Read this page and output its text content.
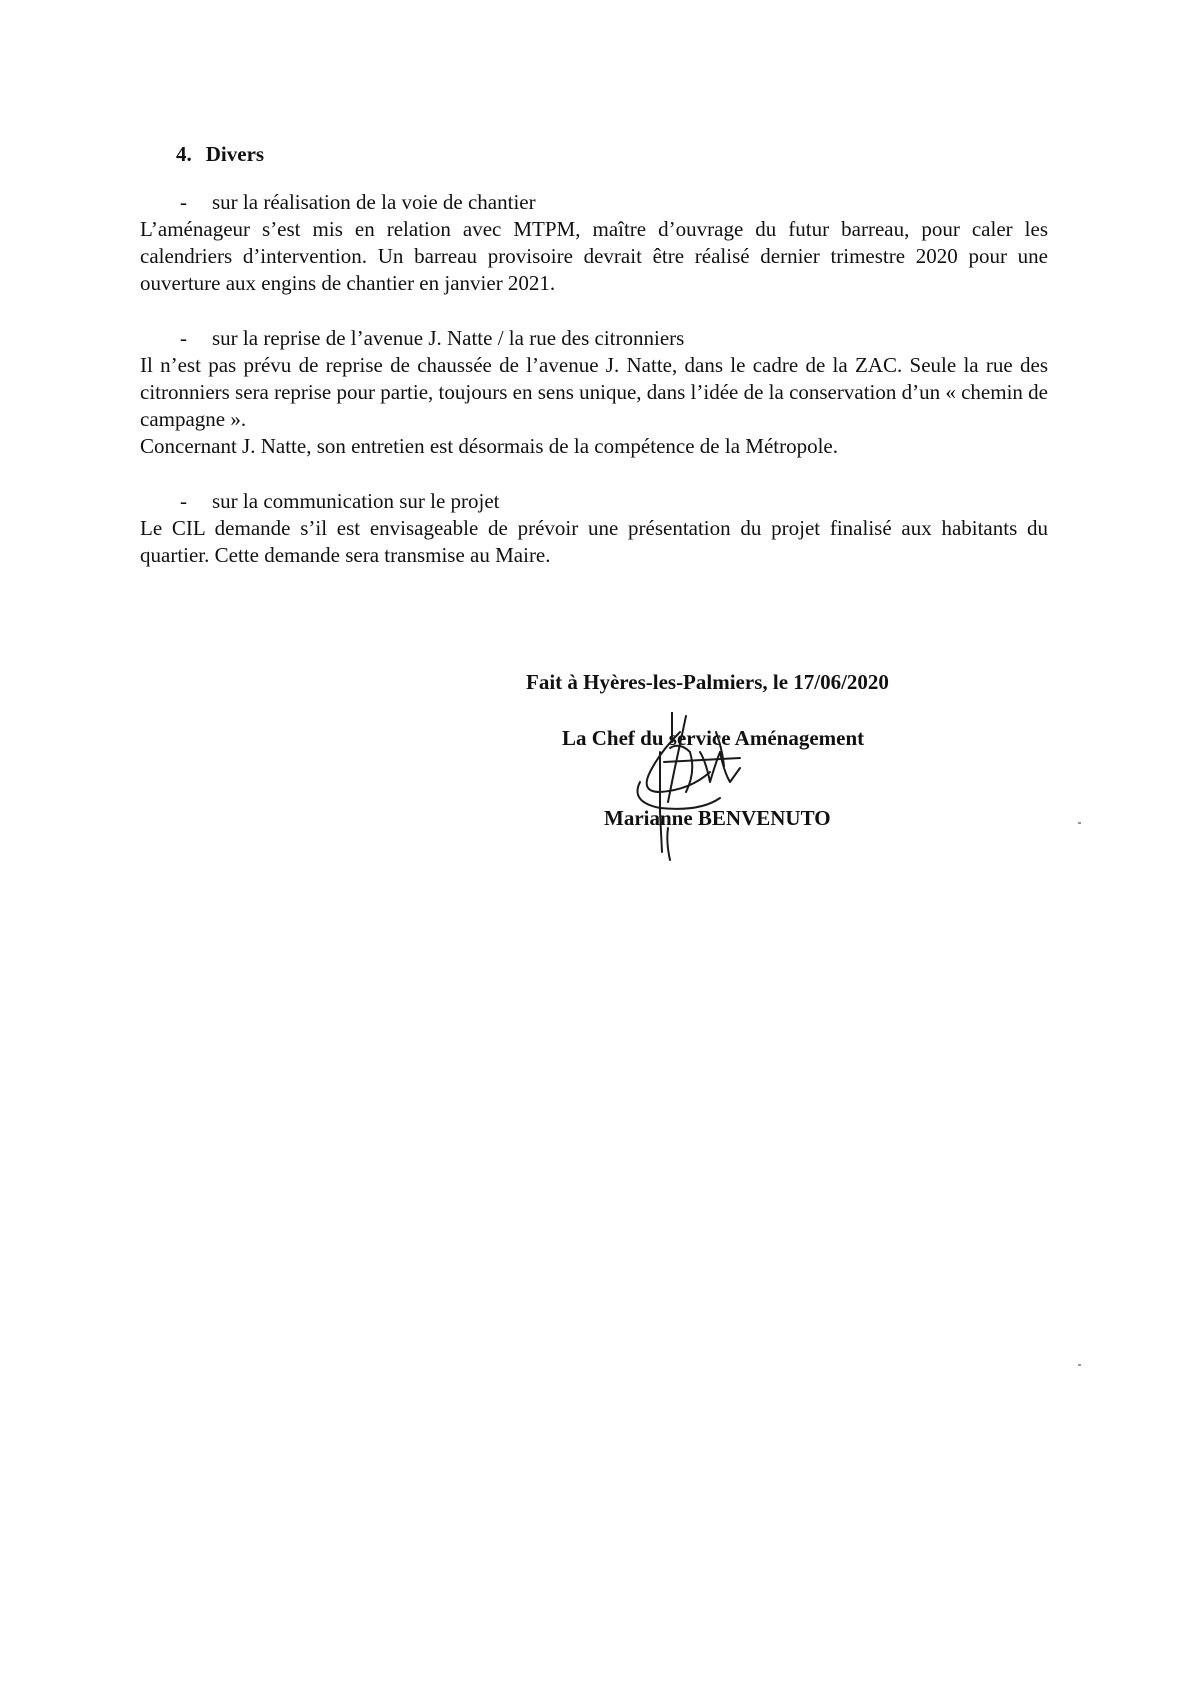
4. Divers

- sur la réalisation de la voie de chantier

L’aménageur s’est mis en relation avec MTPM, maître d’ouvrage du futur barreau, pour caler les calendriers d’intervention. Un barreau provisoire devrait être réalisé dernier trimestre 2020 pour une ouverture aux engins de chantier en janvier 2021.

- sur la reprise de l’avenue J. Natte / la rue des citronniers

Il n’est pas prévu de reprise de chaussée de l’avenue J. Natte, dans le cadre de la ZAC. Seule la rue des citronniers sera reprise pour partie, toujours en sens unique, dans l’idée de la conservation d’un « chemin de campagne ».

Concernant J. Natte, son entretien est désormais de la compétence de la Métropole.

- sur la communication sur le projet

Le CIL demande s’il est envisageable de prévoir une présentation du projet finalisé aux habitants du quartier. Cette demande sera transmise au Maire.

Fait à Hyères-les-Palmiers, le 17/06/2020
La Chef du service Aménagement
Marianne BENVENUTO
